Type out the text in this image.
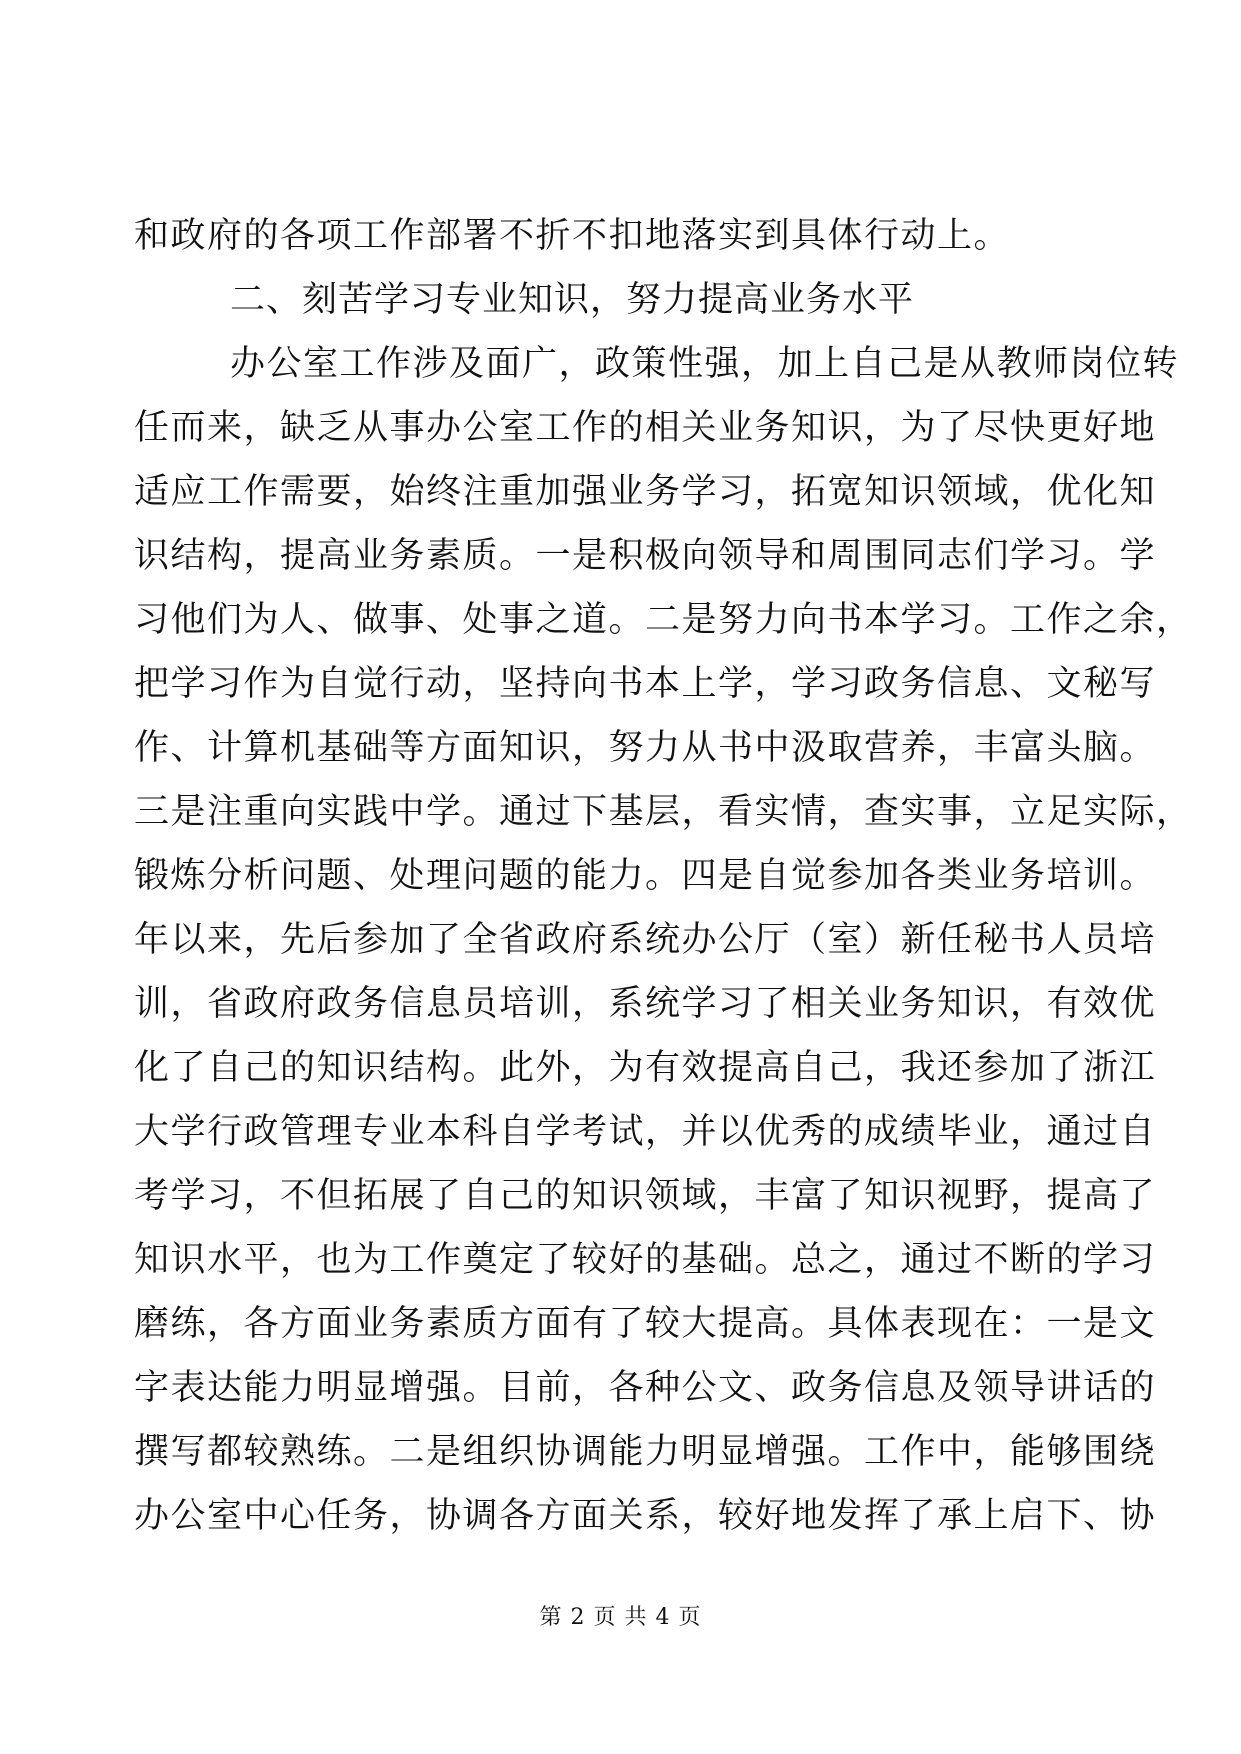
和政府的各项工作部署不折不扣地落实到具体行动上。
二、刻苦学习专业知识，努力提高业务水平
办公室工作涉及面广，政策性强，加上自己是从教师岗位转
任而来，缺乏从事办公室工作的相关业务知识，为了尽快更好地
适应工作需要，始终注重加强业务学习，拓宽知识领域，优化知
识结构，提高业务素质。一是积极向领导和周围同志们学习。学
习他们为人、做事、处事之道。二是努力向书本学习。工作之余，
把学习作为自觉行动，坚持向书本上学，学习政务信息、文秘写
作、计算机基础等方面知识，努力从书中汲取营养，丰富头脑。
三是注重向实践中学。通过下基层，看实情，查实事，立足实际，
锻炼分析问题、处理问题的能力。四是自觉参加各类业务培训。
年以来，先后参加了全省政府系统办公厅（室）新任秘书人员培
训，省政府政务信息员培训，系统学习了相关业务知识，有效优
化了自己的知识结构。此外，为有效提高自己，我还参加了浙江
大学行政管理专业本科自学考试，并以优秀的成绩毕业，通过自
考学习，不但拓展了自己的知识领域，丰富了知识视野，提高了
知识水平，也为工作奠定了较好的基础。总之，通过不断的学习
磨练，各方面业务素质方面有了较大提高。具体表现在：一是文
字表达能力明显增强。目前，各种公文、政务信息及领导讲话的
撰写都较熟练。二是组织协调能力明显增强。工作中，能够围绕
办公室中心任务，协调各方面关系，较好地发挥了承上启下、协
第 2 页 共 4 页
